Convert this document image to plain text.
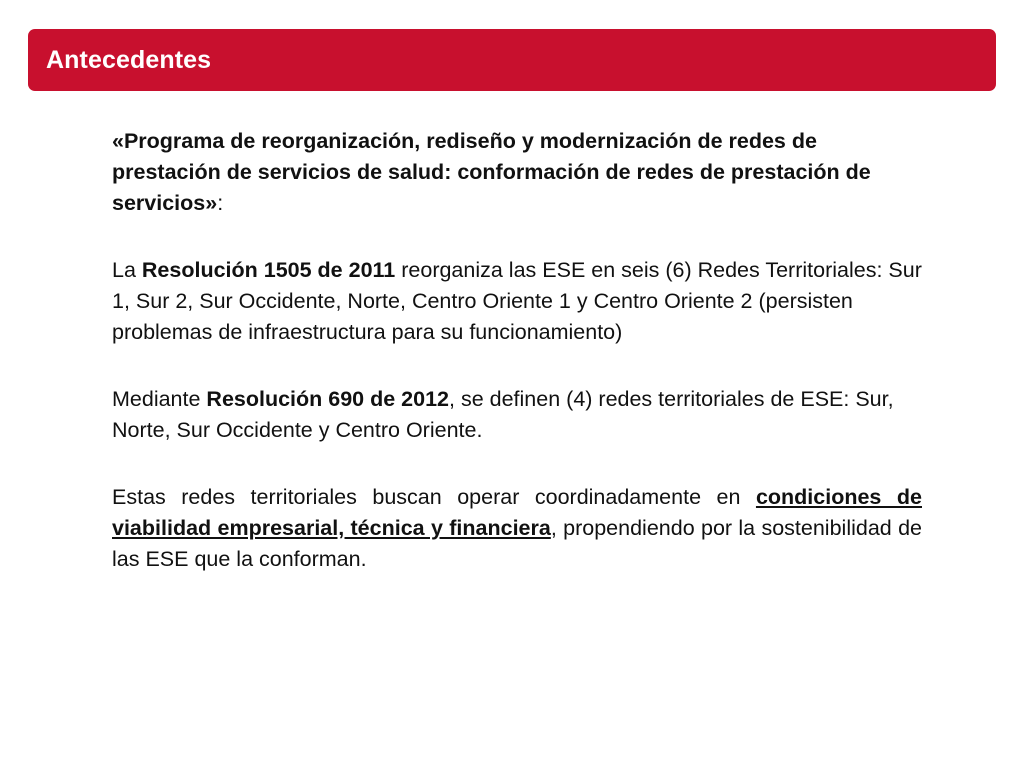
Antecedentes

«Programa de reorganización, rediseño y modernización de redes de prestación de servicios de salud: conformación de redes de prestación de servicios»:

La Resolución 1505 de 2011 reorganiza las ESE en seis (6) Redes Territoriales: Sur 1, Sur 2, Sur Occidente, Norte, Centro Oriente 1 y Centro Oriente 2 (persisten problemas de infraestructura para su funcionamiento)

Mediante Resolución 690 de 2012, se definen (4) redes territoriales de ESE: Sur, Norte, Sur Occidente y Centro Oriente.

Estas redes territoriales buscan operar coordinadamente en condiciones de viabilidad empresarial, técnica y financiera, propendiendo por la sostenibilidad de las ESE que la conforman.
